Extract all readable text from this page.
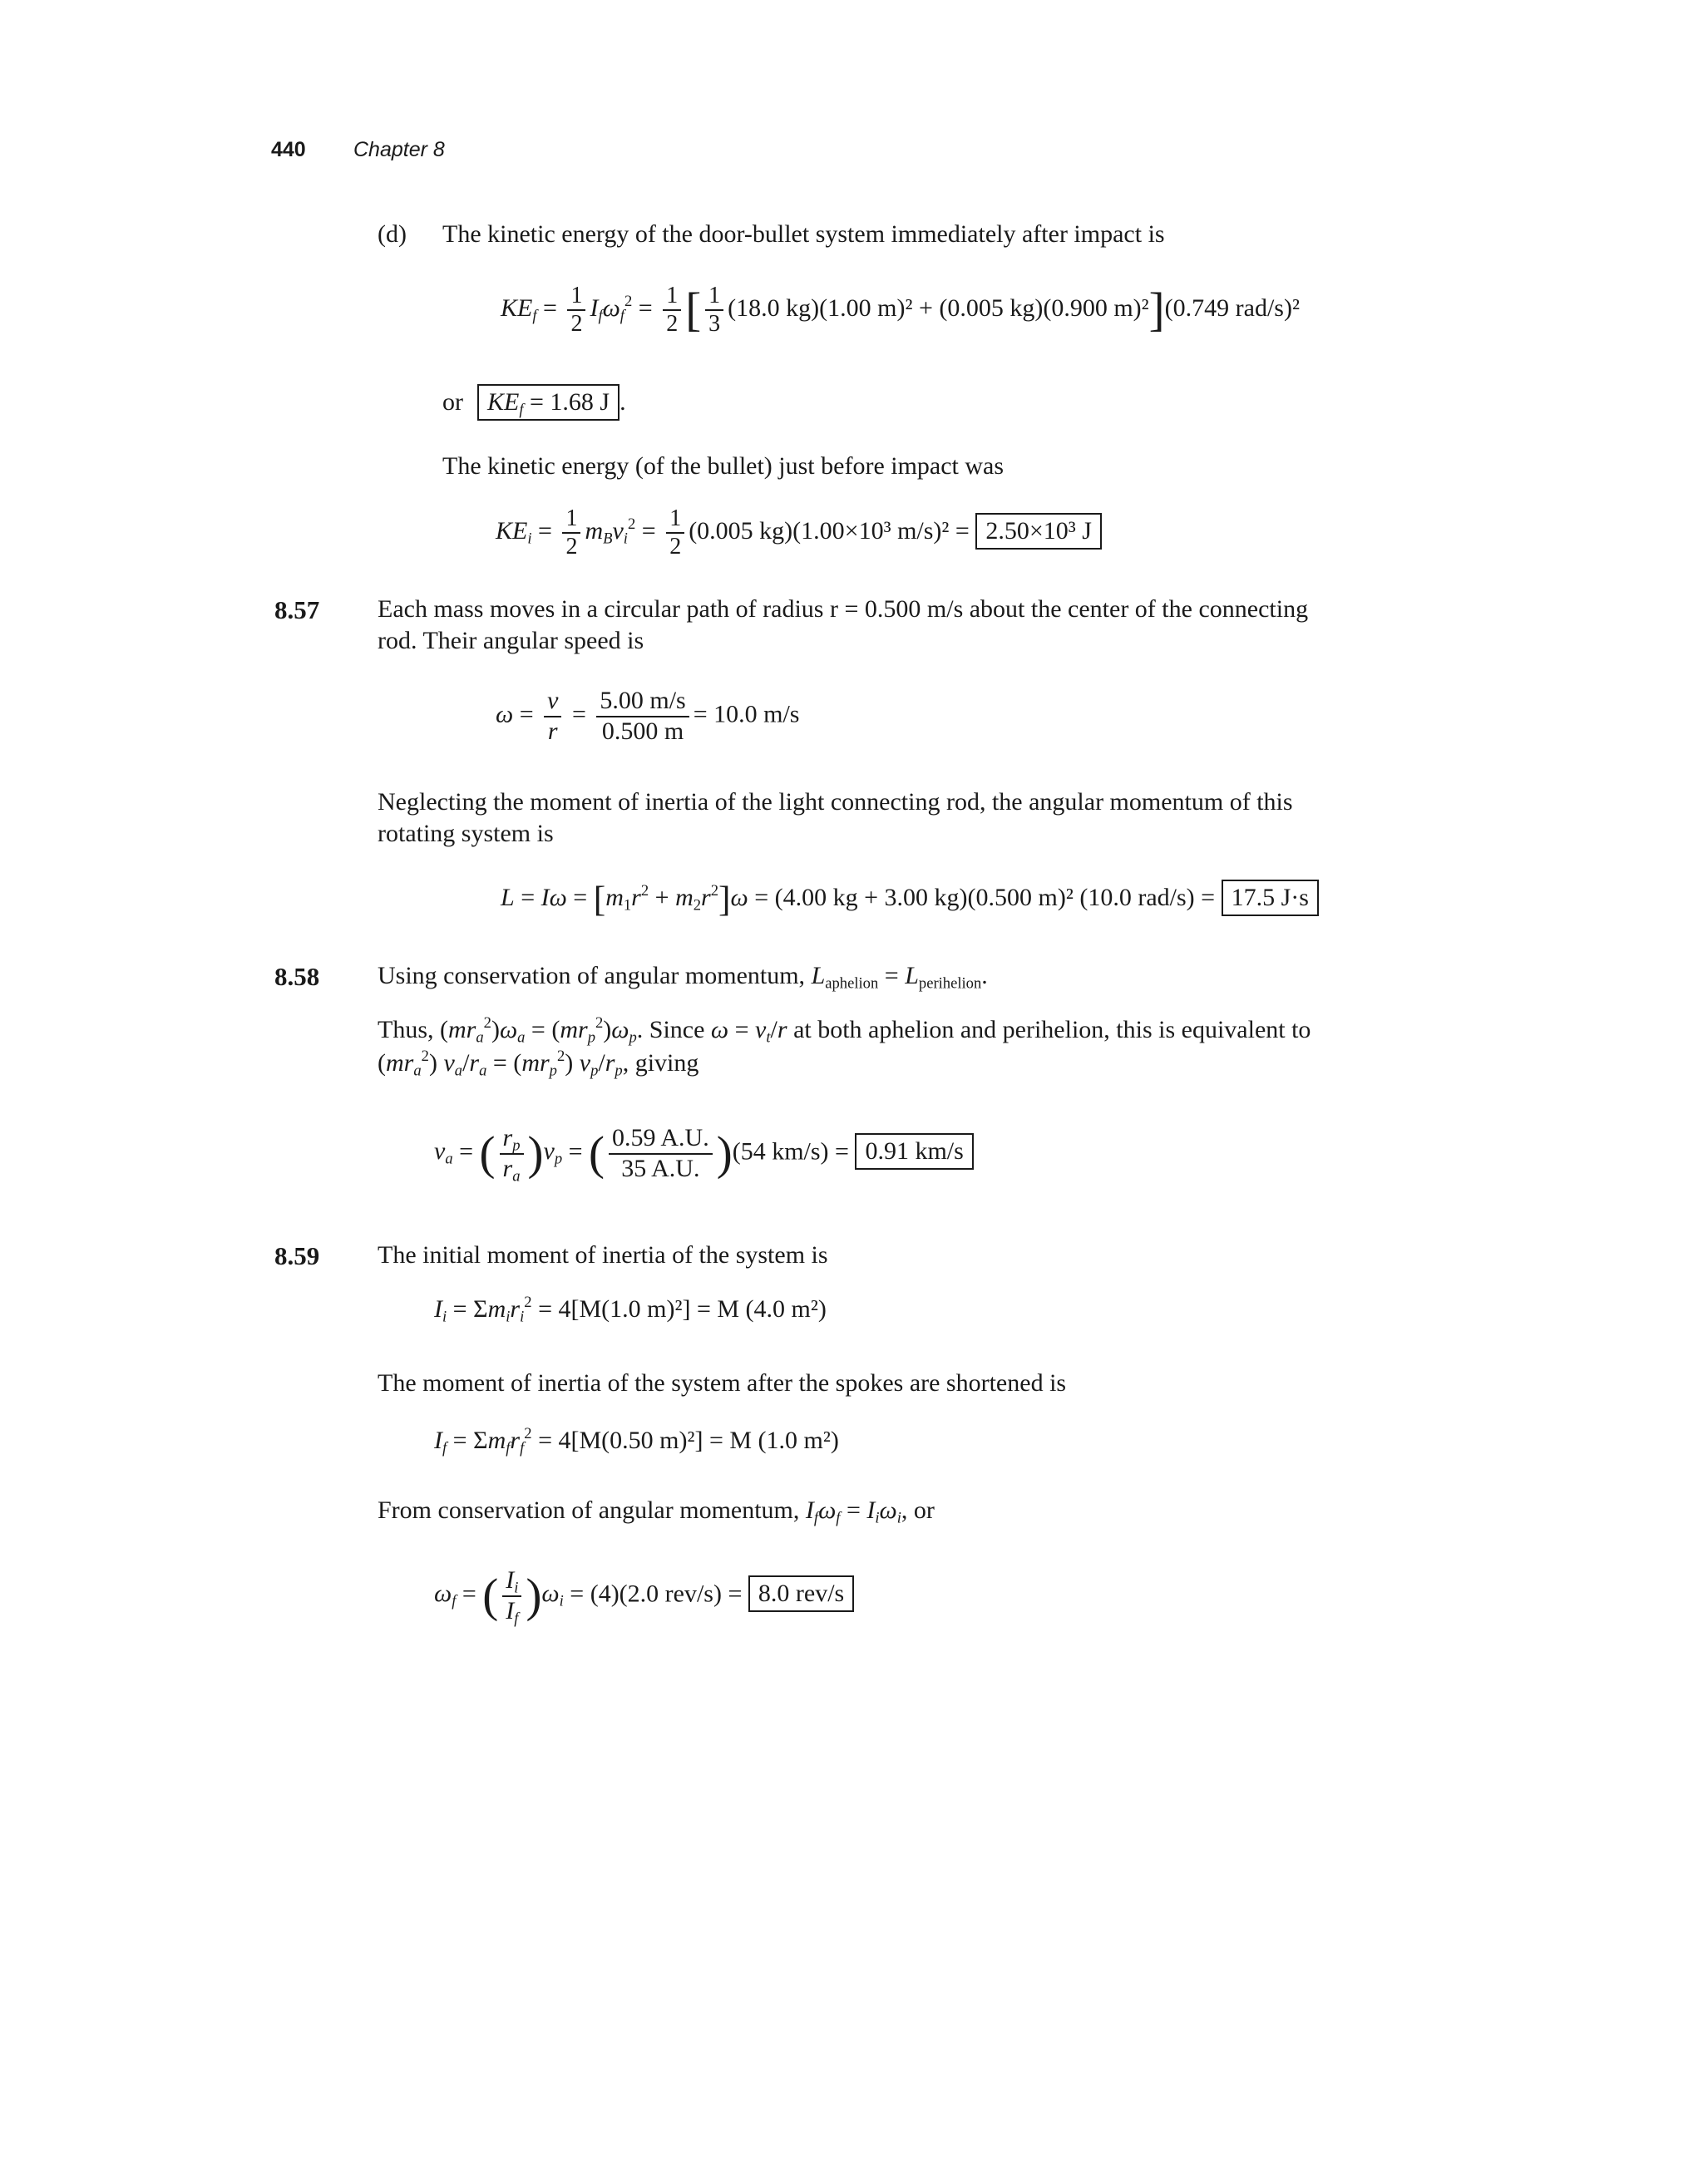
440 Chapter 8
(d) The kinetic energy of the door-bullet system immediately after impact is
$KE_f = \frac{1}{2} I_f\omega_f^2 = \frac{1}{2}$ [ $\frac{1}{3} (18.0$ kg)(1.00 m)² + (0.005 kg)(0.900 m)²](0.749 rad/s)²
or $KE_f = 1.68$ J .
The kinetic energy (of the bullet) just before impact was
$KE_i = \frac{1}{2} m_Bv_i^2 = \frac{1}{2} (0.005$ kg)(1.00×10³ m/s)² = 2.50×10³ J
8.57 Each mass moves in a circular path of radius r = 0.500 m/s about the center of the connecting
rod. Their angular speed is
$\omega = \frac{v}{r} = \frac{5.00 m/s}{0.500 m} = 10.0$ m/s
Neglecting the moment of inertia of the light connecting rod, the angular momentum of this
rotating system is
$L = I\omega = [m_1r^2 + m_2r^2]\omega = (4.00$ kg + 3.00 kg)(0.500 m)² (10.0 rad/s) = 17.5 J·s
8.58 Using conservation of angular momentum, $L_{aphelion} = L_{perihelion}$.
Thus, $(mr_a^2)\omega_a = (mr_p^2)\omega_p$. Since $\omega = v_t/r$ at both aphelion and perihelion, this is equivalent to
$(mr_a^2) v_a/r_a = (mr_p^2)$ $v_p/r_p$, giving
$v_a$ = ( $\frac{r_p}{r_a} )v_p$ = ( $\frac{0.59 A.U.}{35 A.U.} )(54$ km/s) = 0.91 km/s
8.59 The initial moment of inertia of the system is
$I_i = \Sigma m_ir_i^2 = 4[M(1.0$ m)²] = M (4.0 m²)
The moment of inertia of the system after the spokes are shortened is
$I_f = \Sigma m_fr_f^2 = 4[M(0.50$ m)²] = M (1.0 m²)
From conservation of angular momentum, $I_f\omega_f = I_i\omega_i$, or
$\omega_f$ = ( $\frac{I_i}{I_f} )\omega_i = (4)(2.0$ rev/s) = 8.0 rev/s
